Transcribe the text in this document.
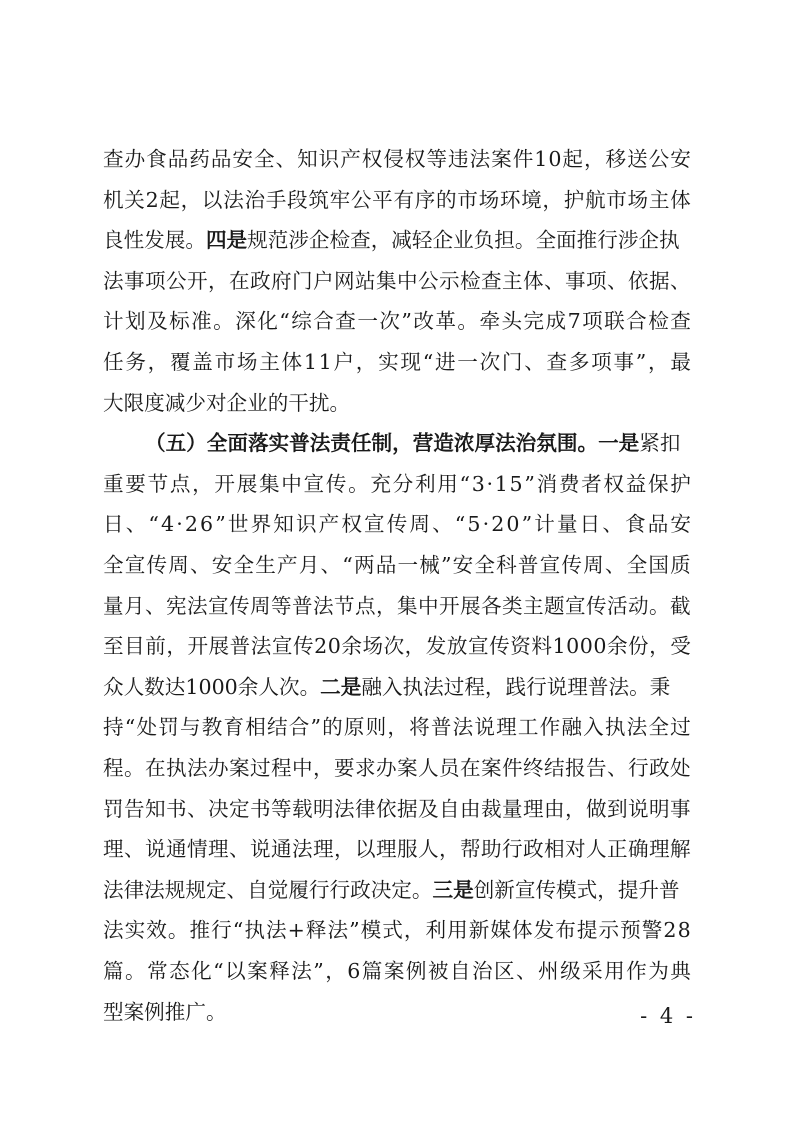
查 办 食 品 药 品 安 全 、 知 识 产 权 侵 权 等 违 法 案 件 1 0 起 ， 移 送 公 安
机 关 2 起 ， 以 法 治 手 段 筑 牢 公 平 有 序 的 市 场 环 境 ， 护 航 市 场 主 体
良性发展。 四是 规范涉企检查，减轻企业负担。全面推行涉企执
法 事 项 公 开 ， 在 政 府 门 户 网 站 集 中 公 示 检 查 主 体 、 事 项 、 依 据 、
计 划 及 标 准 。 深 化 “ 综 合 查 一 次 ” 改 革 。 牵 头 完 成 7 项 联 合 检 查
任 务 ， 覆 盖 市 场 主 体 1 1 户 ， 实 现 “ 进 一 次 门 、 查 多 项 事 ” ， 最
大限度减少对企业的干扰。
（五）全面落实普法责任制，营造浓厚法治氛围。 一是 紧扣
重 要 节 点 ， 开 展 集 中 宣 传 。 充 分 利 用 “ 3 · 1 5 ” 消 费 者 权 益 保 护
日 、 “ 4 · 2 6 ” 世 界 知 识 产 权 宣 传 周 、 “ 5 · 2 0 ” 计 量 日 、 食 品 安
全 宣 传 周 、 安 全 生 产 月 、 “ 两 品 一 械 ” 安 全 科 普 宣 传 周 、 全 国 质
量 月 、 宪 法 宣 传 周 等 普 法 节 点 ， 集 中 开 展 各 类 主 题 宣 传 活 动 。 截
至 目 前 ， 开 展 普 法 宣 传 2 0 余 场 次 ， 发 放 宣 传 资 料 1 0 0 0 余 份 ， 受
众人数达1000余人次。 二是 融入执法过程，践行说理普法。秉
持 “ 处 罚 与 教 育 相 结 合 ” 的 原 则 ， 将 普 法 说 理 工 作 融 入 执 法 全 过
程 。 在 执 法 办 案 过 程 中 ， 要 求 办 案 人 员 在 案 件 终 结 报 告 、 行 政 处
罚 告 知 书 、 决 定 书 等 载 明 法 律 依 据 及 自 由 裁 量 理 由 ， 做 到 说 明 事
理 、 说 通 情 理 、 说 通 法 理 ， 以 理 服 人 ， 帮 助 行 政 相 对 人 正 确 理 解
法律法规规定、自觉履行行政决定。 三是 创新宣传模式，提升普
法 实 效 。 推 行 “ 执 法 + 释 法 ” 模 式 ， 利 用 新 媒 体 发 布 提 示 预 警 2 8
篇 。 常 态 化 “ 以 案 释 法 ” ， 6 篇 案 例 被 自 治 区 、 州 级 采 用 作 为 典
型案例推广。	- 4 -
